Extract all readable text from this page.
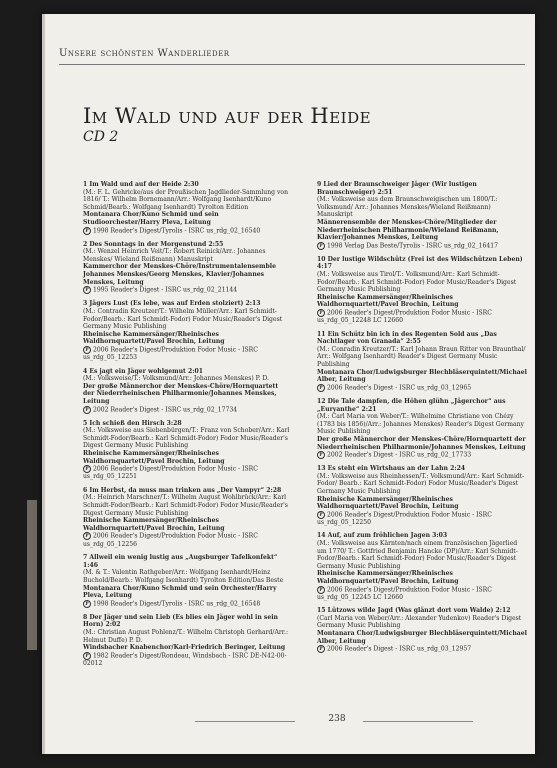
Unsere schönsten Wanderlieder
Im Wald und auf der Heide
CD 2
1 Im Wald und auf der Heide 2:30
(M.: F. L. Gehricke/aus der Preußischen Jagdlieder-Sammlung von 1816/ T.: Wilhelm Bornemann/Arr.: Wolfgang Isenhardt/Kuno Schmid/Bearb.: Wolfgang Isenhardt) Tyrolton Edition
Montanara Chor/Kuno Schmid und sein Studioorchester/Harry Pleva, Leitung
P 1998 Reader's Digest/Tyrolis - ISRC us_rdg_02_16540
2 Des Sonntags in der Morgenstund 2:55
(M.: Wenzel Heinrich Veit/T.: Robert Reinick/Arr.: Johannes Menskes/ Wieland Reißmann) Manuskript
Kammerchor der Menskes-Chöre/Instrumentalensemble Johannes Menskes/Georg Menskes, Klavier/Johannes Menskes, Leitung
P 1995 Reader's Digest - ISRC us_rdg_02_21144
3 Jägers Lust (Es lebe, was auf Erden stolziert) 2:13
(M.: Contradin Kreutzer/T.: Wilhelm Müller/Arr.: Karl Schmidt-Fodor/Bearb.: Karl Schmidt-Fodor) Fodor Music/Reader's Digest Germany Music Publishing
Rheinische Kammersänger/Rheinisches Waldhornquartett/Pavel Brochin, Leitung
P 2006 Reader's Digest/Produktion Fodor Music - ISRC us_rdg_05_12253
4 Es jagt ein Jäger wohlgemut 2:01
(M.: Volksweise/T.: Volksmund/Arr.: Johannes Menskes) P. D.
Der große Männerchor der Menskes-Chöre/Hornquartett der Niederrheinischen Philharmonie/Johannes Menskes, Leitung
P 2002 Reader's Digest - ISRC us_rdg_02_17734
5 Ich schieß den Hirsch 3:28
(M.: Volksweise aus Siebenbürgen/T.: Franz von Schober/Arr.: Karl Schmidt-Fodor/Bearb.: Karl Schmidt-Fodor) Fodor Music/Reader's Digest Germany Music Publishing
Rheinische Kammersänger/Rheinisches Waldhornquartett/Pavel Brochin, Leitung
P 2006 Reader's Digest/Produktion Fodor Music - ISRC us_rdg_05_12251
6 Im Herbst, da muss man trinken aus „Der Vampyr“ 2:28
(M.: Heinrich Marschner/T.: Wilhelm August Wohlbrück/Arr.: Karl Schmidt-Fodor/Bearb.: Karl Schmidt-Fodor) Fodor Music/Reader's Digest Germany Music Publishing
Rheinische Kammersänger/Rheinisches Waldhornquartett/Pavel Brochin, Leitung
P 2006 Reader's Digest/Produktion Fodor Music - ISRC us_rdg_05_12256
7 Allweil ein wenig lustig aus „Augsburger Tafelkonfekt“ 1:46
(M. & T.: Valentin Rathgeber/Arr.: Wolfgang Isenhardt/Heinz Buchold/Bearb.: Wolfgang Isenhardt) Tyrolton Edition/Das Beste
Montanara Chor/Kuno Schmid und sein Orchester/Harry Pleva, Leitung
P 1998 Reader's Digest/Tyrolis - ISRC us_rdg_02_16548
8 Der Jäger und sein Lieb (Es blies ein Jäger wohl in sein Horn) 2:02
(M.: Christian August Pohlenz/T.: Wilhelm Christoph Gerhard/Arr.: Helmut Duffe) P. D.
Windsbacher Knabenchor/Karl-Friedrich Beringer, Leitung
P 1982 Reader's Digest/Rondeau, Windsbach - ISRC DE-N42-00-02012
9 Lied der Braunschweiger Jäger (Wir lustigen Braunschweiger) 2:51
(M.: Volksweise aus dem Braunschweigischen um 1800/T.: Volksmund/ Arr.: Johannes Menskes/Wieland Reißmann) Manuskript
Männerensemble der Menskes-Chöre/Mitglieder der Niederrheinischen Philharmonie/Wieland Reißmann, Klavier/Johannes Menskes, Leitung
P 1998 Verlag Das Beste/Tyrolis - ISRC us_rdg_02_16417
10 Der lustige Wildschütz (Frei ist des Wildschützen Leben) 4:17
(M.: Volksweise aus Tirol/T.: Volksmund/Arr.: Karl Schmidt-Fodor/Bearb.: Karl Schmidt-Fodor) Fodor Music/Reader's Digest Germany Music Publishing
Rheinische Kammersänger/Rheinisches Waldhornquartett/Pavel Brochin, Leitung
P 2006 Reader's Digest/Produktion Fodor Music - ISRC us_rdg_05_12248 LC 12660
11 Ein Schütz bin ich in des Regenten Sold aus „Das Nachtlager von Granada“ 2:55
(M.: Conradin Kreutzer/T.: Karl Johann Braun Ritter von Braunthal/ Arr.: Wolfgang Isenhardt) Reader's Digest Germany Music Publishing
Montanara Chor/Ludwigsburger Blechbläserquintett/Michael Alber, Leitung
P 2006 Reader's Digest - ISRC us_rdg_03_12965
12 Die Tale dampfen, die Höhen glühn „Jägerchor“ aus „Euryanthe“ 2:21
(M.: Carl Maria von Weber/T.: Wilhelmine Christiane von Chézy (1783 bis 1856)/Arr.: Johannes Menskes) Reader's Digest Germany Music Publishing
Der große Männerchor der Menskes-Chöre/Hornquartett der Niederrheinischen Philharmonie/Johannes Menskes, Leitung
P 2002 Reader's Digest - ISRC us_rdg_02_17733
13 Es steht ein Wirtshaus an der Lahn 2:24
(M.: Volksweise aus Rheinhessen/T.: Volksmund/Arr.: Karl Schmidt-Fodor/ Bearb.: Karl Schmidt-Fodor) Fodor Music/Reader's Digest Germany Music Publishing
Rheinische Kammersänger/Rheinisches Waldhornquartett/Pavel Brochin, Leitung
P 2006 Reader's Digest/Produktion Fodor Music - ISRC us_rdg_05_12250
14 Auf, auf zum fröhlichen Jagen 3:03
(M.: Volksweise aus Kärnten/nach einem französischen Jägerlied um 1770/ T.: Gottfried Benjamin Hancke (DP)/Arr.: Karl Schmidt-Fodor/Bearb.: Karl Schmidt-Fodor) Fodor Music/Reader's Digest Germany Music Publishing
Rheinische Kammersänger/Rheinisches Waldhornquartett/Pavel Brochin, Leitung
P 2006 Reader's Digest/Produktion Fodor Music - ISRC us_rdg_05_12245 LC 12660
15 Lützows wilde Jagd (Was glänzt dort vom Walde) 2:12
(Carl Maria von Weber/Arr.: Alexander Yudenkov) Reader's Digest Germany Music Publishing
Montanara Chor/Ludwigsburger Blechbläserquintett/Michael Alber, Leitung
P 2006 Reader's Digest - ISRC us_rdg_03_12957
238
